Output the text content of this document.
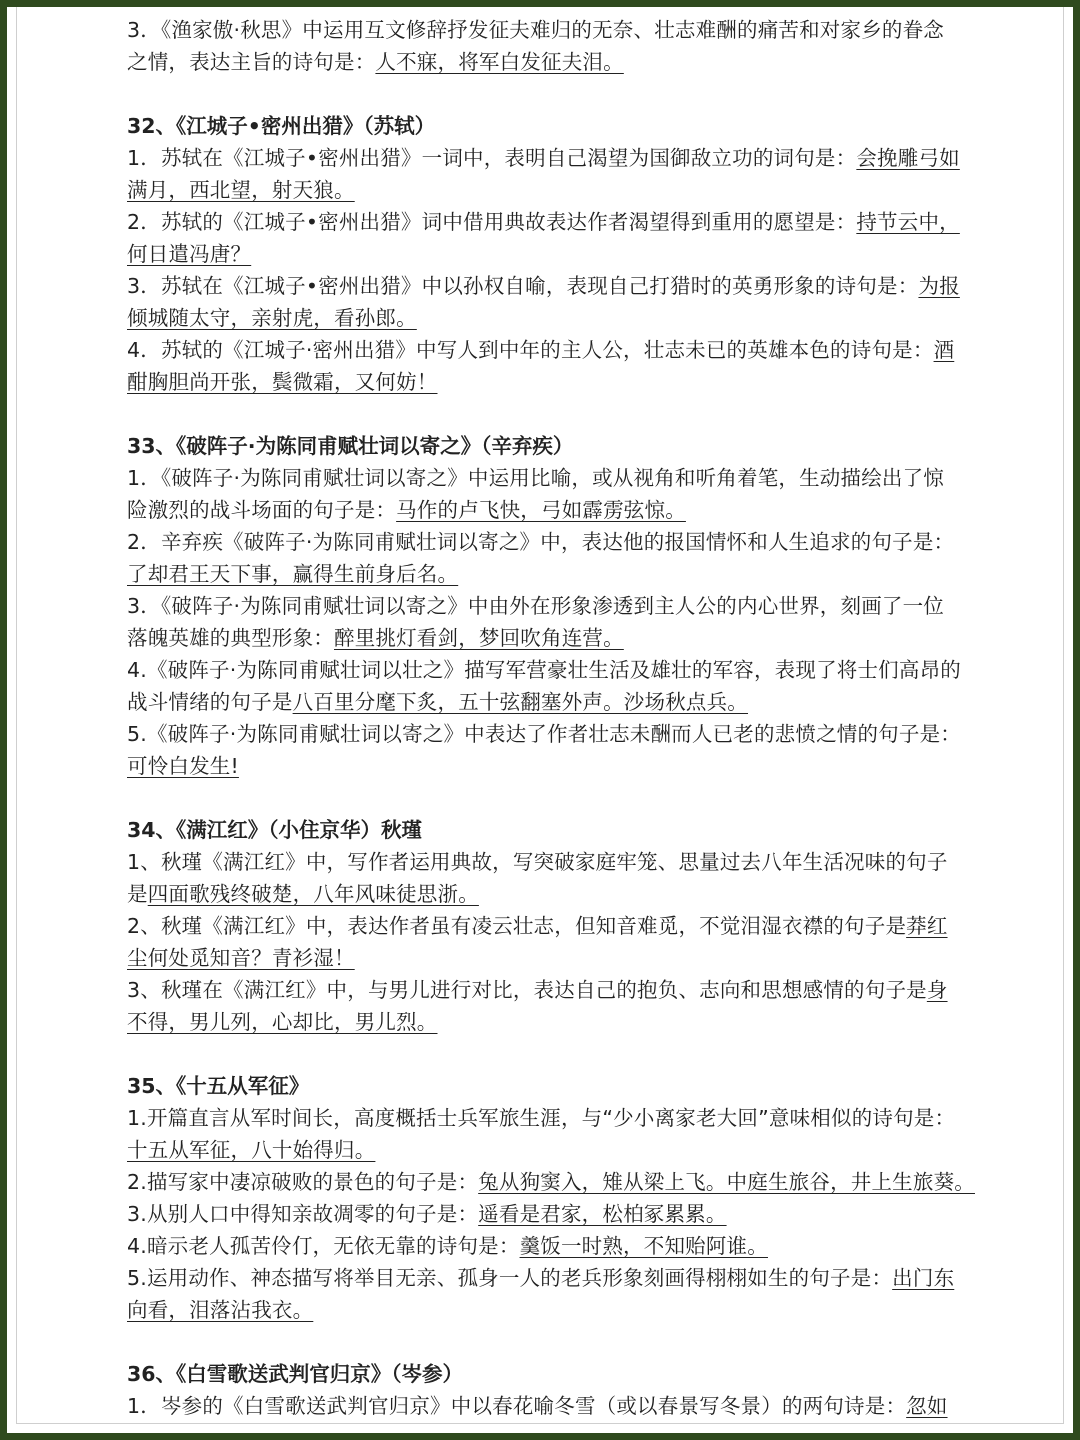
3．《渔家傲·秋思》中运用互文修辞抒发征夫难归的无奈、壮志难酬的痛苦和对家乡的眷念
之情，表达主旨的诗句是：人不寐，将军白发征夫泪。
32、《江城子•密州出猎》（苏轼）
1．苏轼在《江城子•密州出猎》一词中，表明自己渴望为国御敌立功的词句是：会挽雕弓如
满月，西北望，射天狼。
2．苏轼的《江城子•密州出猎》词中借用典故表达作者渴望得到重用的愿望是：持节云中，
何日遣冯唐？
3．苏轼在《江城子•密州出猎》中以孙权自喻，表现自己打猎时的英勇形象的诗句是：为报
倾城随太守，亲射虎，看孙郎。
4．苏轼的《江城子·密州出猎》中写人到中年的主人公，壮志未已的英雄本色的诗句是：酒
酣胸胆尚开张，鬓微霜，又何妨！
33、《破阵子·为陈同甫赋壮词以寄之》（辛弃疾）
1．《破阵子·为陈同甫赋壮词以寄之》中运用比喻，或从视角和听角着笔，生动描绘出了惊
险激烈的战斗场面的句子是：马作的卢飞快，弓如霹雳弦惊。
2．辛弃疾《破阵子·为陈同甫赋壮词以寄之》中，表达他的报国情怀和人生追求的句子是：
了却君王天下事，赢得生前身后名。
3．《破阵子·为陈同甫赋壮词以寄之》中由外在形象渗透到主人公的内心世界，刻画了一位
落魄英雄的典型形象：醉里挑灯看剑，梦回吹角连营。
4.《破阵子·为陈同甫赋壮词以壮之》描写军营豪壮生活及雄壮的军容，表现了将士们高昂的
战斗情绪的句子是八百里分麾下炙，五十弦翻塞外声。沙场秋点兵。
5.《破阵子·为陈同甫赋壮词以寄之》中表达了作者壮志未酬而人已老的悲愤之情的句子是：
可怜白发生!
34、《满江红》（小住京华）秋瑾
1、秋瑾《满江红》中，写作者运用典故，写突破家庭牢笼、思量过去八年生活况味的句子
是四面歌残终破楚，八年风味徒思浙。
2、秋瑾《满江红》中，表达作者虽有凌云壮志，但知音难觅，不觉泪湿衣襟的句子是莽红
尘何处觅知音？青衫湿！
3、秋瑾在《满江红》中，与男儿进行对比，表达自己的抱负、志向和思想感情的句子是身
不得，男儿列，心却比，男儿烈。
35、《十五从军征》
1.开篇直言从军时间长，高度概括士兵军旅生涯，与“少小离家老大回”意味相似的诗句是：
十五从军征，八十始得归。
2.描写家中凄凉破败的景色的句子是：兔从狗窦入，雉从梁上飞。中庭生旅谷，井上生旅葵。
3.从别人口中得知亲故凋零的句子是：遥看是君家，松柏冢累累。
4.暗示老人孤苦伶仃，无依无靠的诗句是：羹饭一时熟，不知贻阿谁。
5.运用动作、神态描写将举目无亲、孤身一人的老兵形象刻画得栩栩如生的句子是：出门东
向看，泪落沾我衣。
36、《白雪歌送武判官归京》（岑参）
1．岑参的《白雪歌送武判官归京》中以春花喻冬雪（或以春景写冬景）的两句诗是：忽如
